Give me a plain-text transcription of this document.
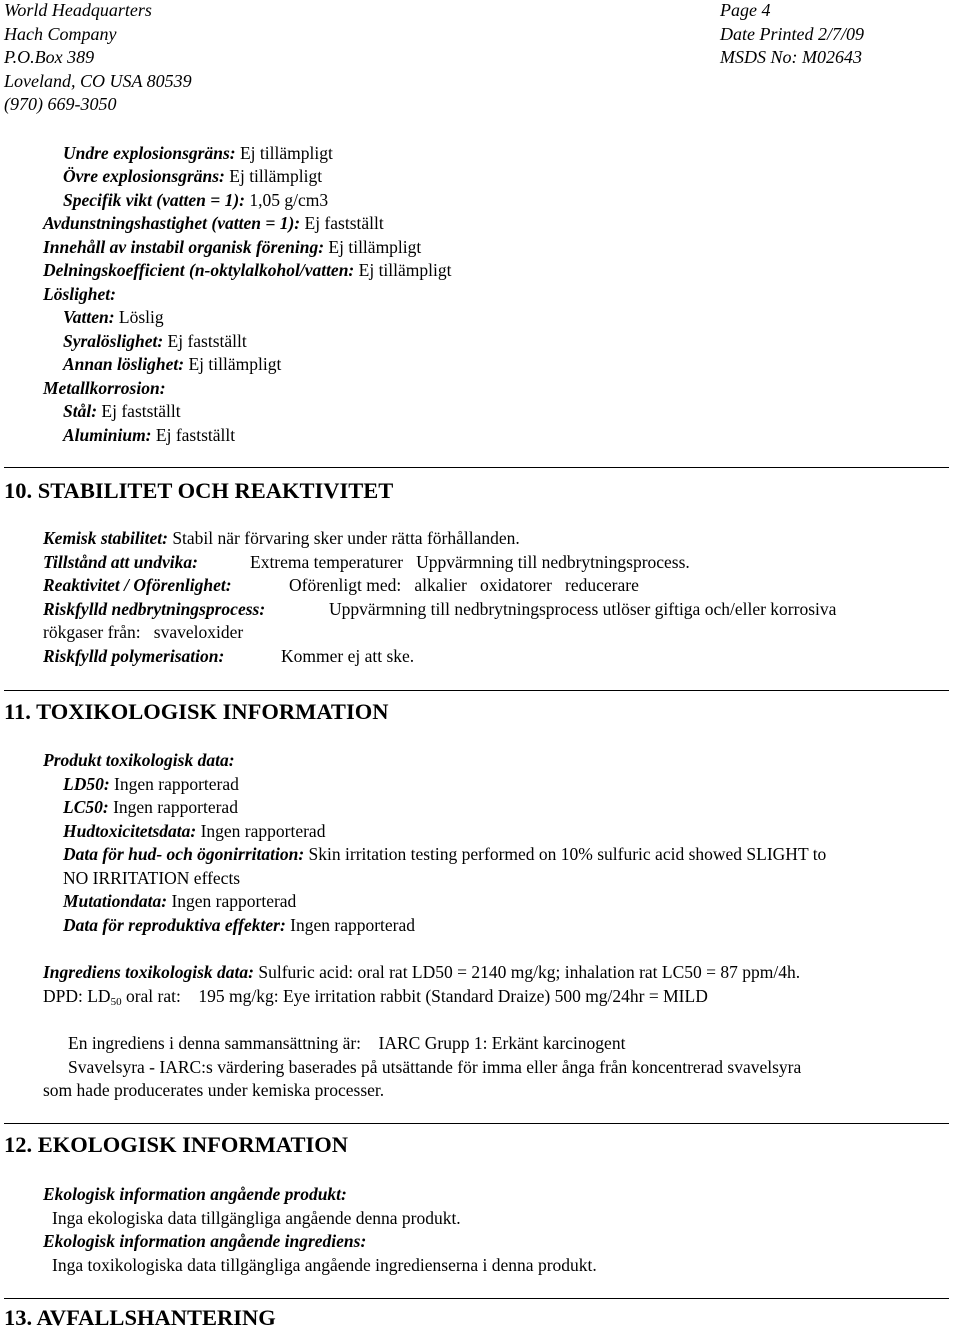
World Headquarters
Hach Company
P.O.Box 389
Loveland, CO USA 80539
(970) 669-3050
Page 4
Date Printed 2/7/09
MSDS No: M02643
Undre explosionsgräns: Ej tillämpligt
Övre explosionsgräns: Ej tillämpligt
Specifik vikt (vatten = 1): 1,05 g/cm3
Avdunstningshastighet (vatten = 1): Ej fastställt
Innehåll av instabil organisk förening: Ej tillämpligt
Delningskoefficient (n-oktylalkohol/vatten: Ej tillämpligt
Löslighet:
Vatten: Löslig
Syralöslighet: Ej fastställt
Annan löslighet: Ej tillämpligt
Metallkorrosion:
Stål: Ej fastställt
Aluminium: Ej fastställt
10. STABILITET OCH REAKTIVITET
Kemisk stabilitet: Stabil när förvaring sker under rätta förhållanden.
Tillstånd att undvika:	Extrema temperaturer   Uppvärmning till nedbrytningsprocess.
Reaktivitet / Oförenlighet:	Oförenligt med:   alkalier   oxidatorer   reducerare
Riskfylld nedbrytningsprocess:	Uppvärmning till nedbrytningsprocess utlöser giftiga och/eller korrosiva
rökgaser från:   svaveloxider
Riskfylld polymerisation:	Kommer ej att ske.
11. TOXIKOLOGISK INFORMATION
Produkt toxikologisk data:
LD50: Ingen rapporterad
LC50: Ingen rapporterad
Hudtoxicitetsdata: Ingen rapporterad
Data för hud- och ögonirritation: Skin irritation testing performed on 10% sulfuric acid showed SLIGHT to
NO IRRITATION effects
Mutationdata: Ingen rapporterad
Data för reproduktiva effekter: Ingen rapporterad
Ingrediens toxikologisk data: Sulfuric acid: oral rat LD50 = 2140 mg/kg; inhalation rat LC50 = 87 ppm/4h.
DPD: $LD_{50}$ oral rat:    195 mg/kg: Eye irritation rabbit (Standard Draize) 500 mg/24hr = MILD
En ingrediens i denna sammansättning är:    IARC Grupp 1: Erkänt karcinogent
Svavelsyra - IARC:s värdering baserades på utsättande för imma eller ånga från koncentrerad svavelsyra
som hade producerates under kemiska processer.
12. EKOLOGISK INFORMATION
Ekologisk information angående produkt:
Inga ekologiska data tillgängliga angående denna produkt.
Ekologisk information angående ingrediens:
Inga toxikologiska data tillgängliga angående ingredienserna i denna produkt.
13. AVFALLSHANTERING
